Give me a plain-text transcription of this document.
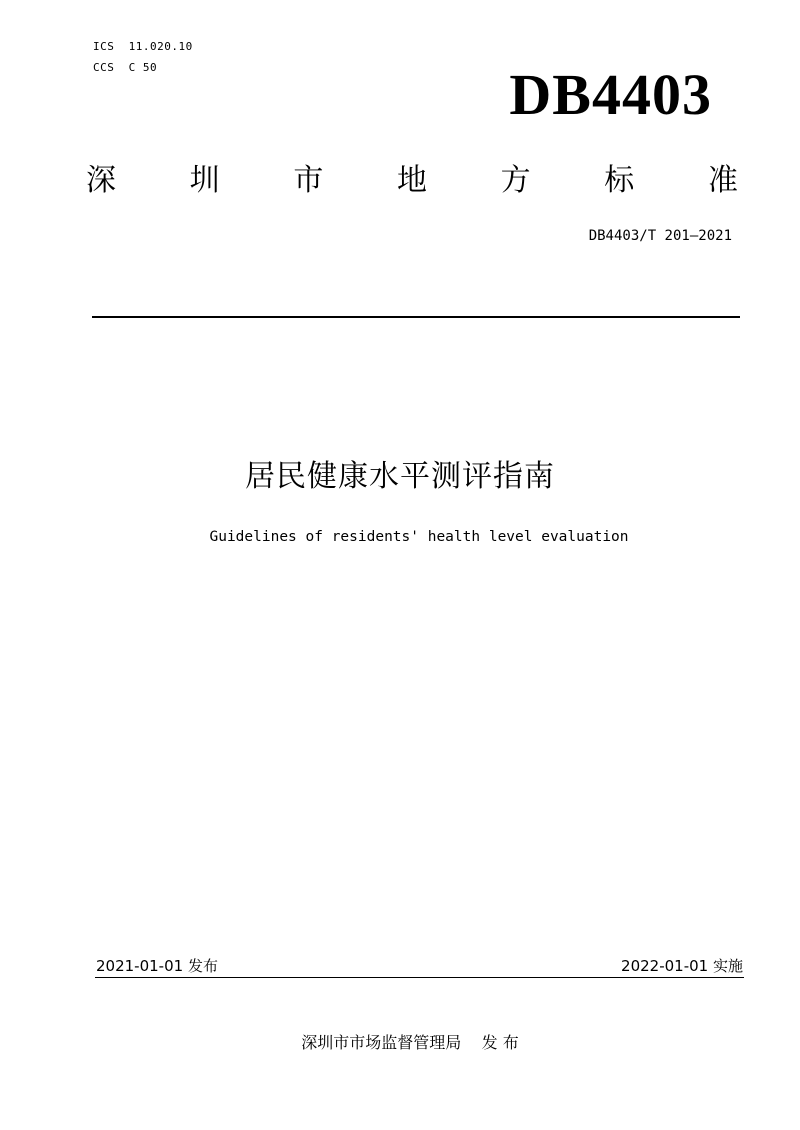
ICS  11.020.10
CCS  C 50	DB4403
深 圳 市 地 方 标 准
DB4403/T 201—2021
居民健康水平测评指南
Guidelines of residents' health level evaluation
2021-01-01 发布	2022-01-01 实施
深圳市市场监督管理局    发 布
